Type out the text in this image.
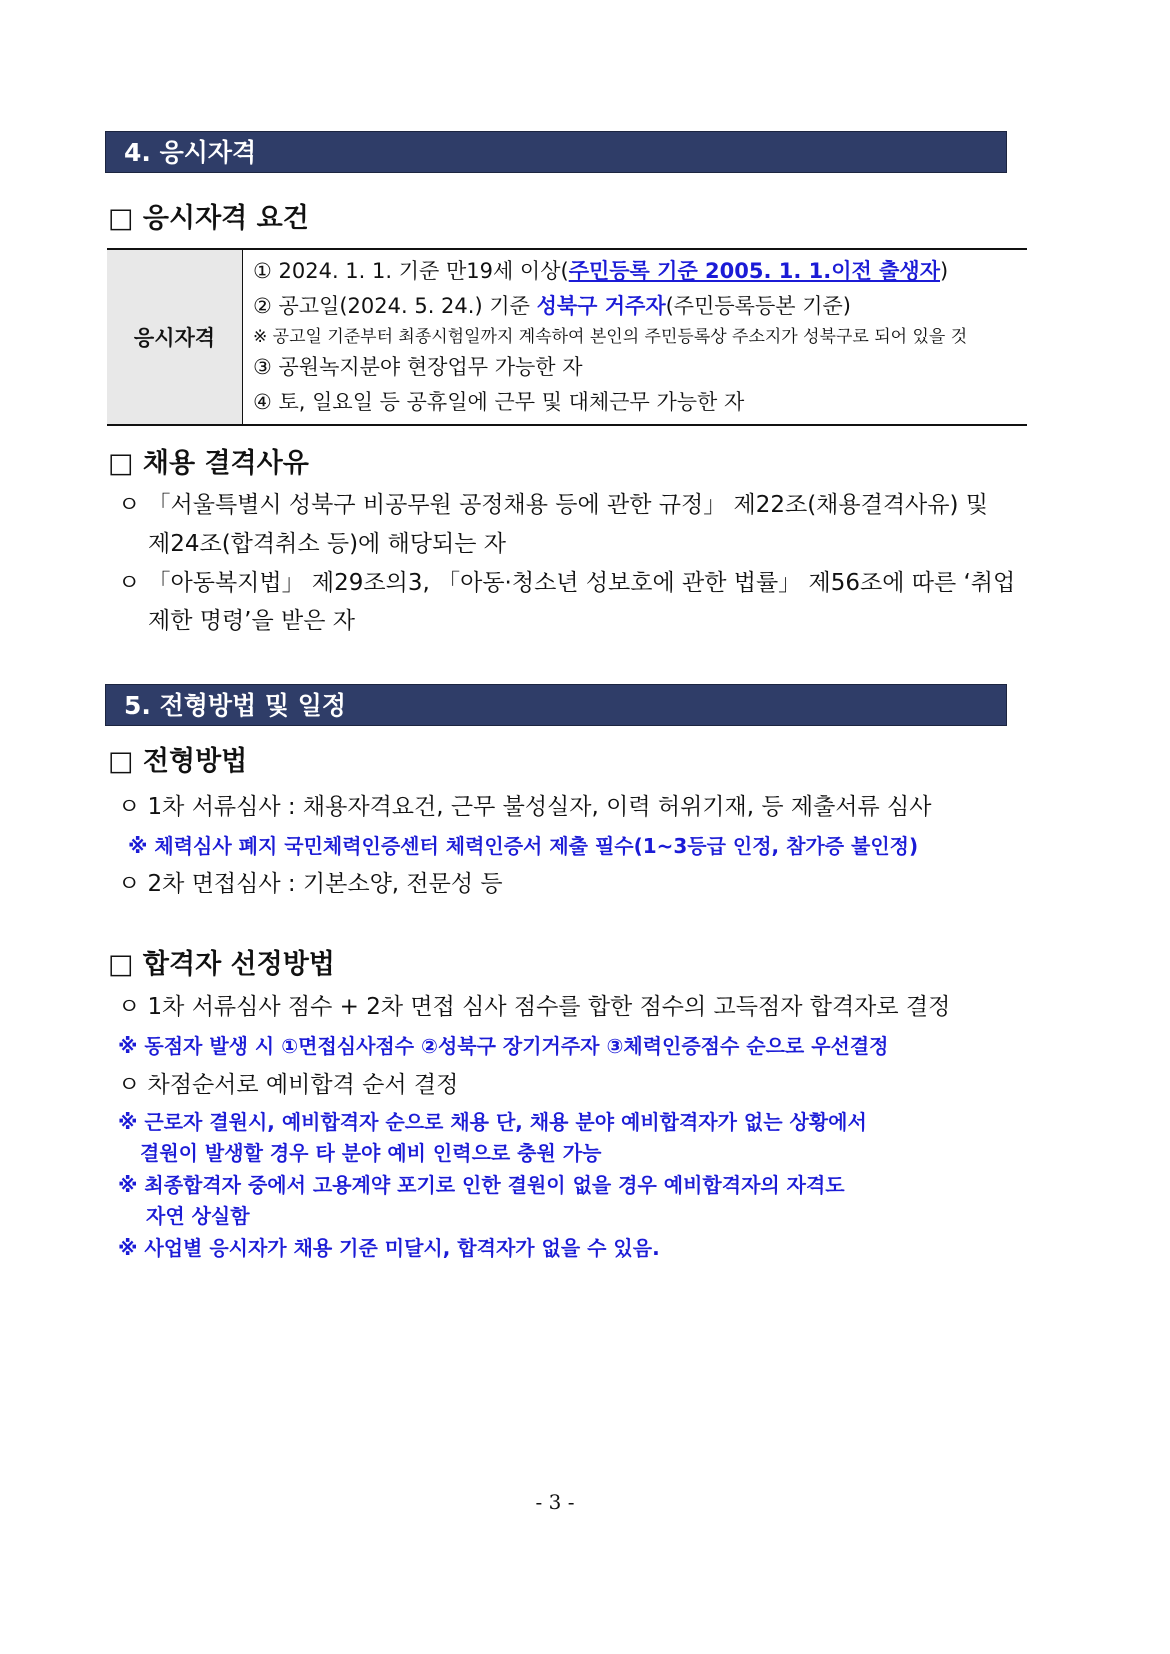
4. 응시자격
□ 응시자격 요건
응시자격	
① 2024. 1. 1. 기준 만19세 이상(주민등록 기준 2005. 1. 1.이전 출생자)
② 공고일(2024. 5. 24.) 기준 성북구 거주자(주민등록등본 기준)
※ 공고일 기준부터 최종시험일까지 계속하여 본인의 주민등록상 주소지가 성북구로 되어 있을 것
③ 공원녹지분야 현장업무 가능한 자
④ 토, 일요일 등 공휴일에 근무 및 대체근무 가능한 자
□ 채용 결격사유
ㅇ 「서울특별시 성북구 비공무원 공정채용 등에 관한 규정」 제22조(채용결격사유) 및
제24조(합격취소 등)에 해당되는 자
ㅇ 「아동복지법」 제29조의3, 「아동·청소년 성보호에 관한 법률」 제56조에 따른 ‘취업
제한 명령’을 받은 자
5. 전형방법 및 일정
□ 전형방법
ㅇ 1차 서류심사 : 채용자격요건, 근무 불성실자, 이력 허위기재, 등 제출서류 심사
※ 체력심사 폐지 국민체력인증센터 체력인증서 제출 필수(1~3등급 인정, 참가증 불인정)
ㅇ 2차 면접심사 : 기본소양, 전문성 등
□ 합격자 선정방법
ㅇ 1차 서류심사 점수 + 2차 면접 심사 점수를 합한 점수의 고득점자 합격자로 결정
※ 동점자 발생 시 ①면접심사점수 ②성북구 장기거주자 ③체력인증점수 순으로 우선결정
ㅇ 차점순서로 예비합격 순서 결정
※ 근로자 결원시, 예비합격자 순으로 채용 단, 채용 분야 예비합격자가 없는 상황에서
결원이 발생할 경우 타 분야 예비 인력으로 충원 가능
※ 최종합격자 중에서 고용계약 포기로 인한 결원이 없을 경우 예비합격자의 자격도
자연 상실함
※ 사업별 응시자가 채용 기준 미달시, 합격자가 없을 수 있음.
- 3 -
